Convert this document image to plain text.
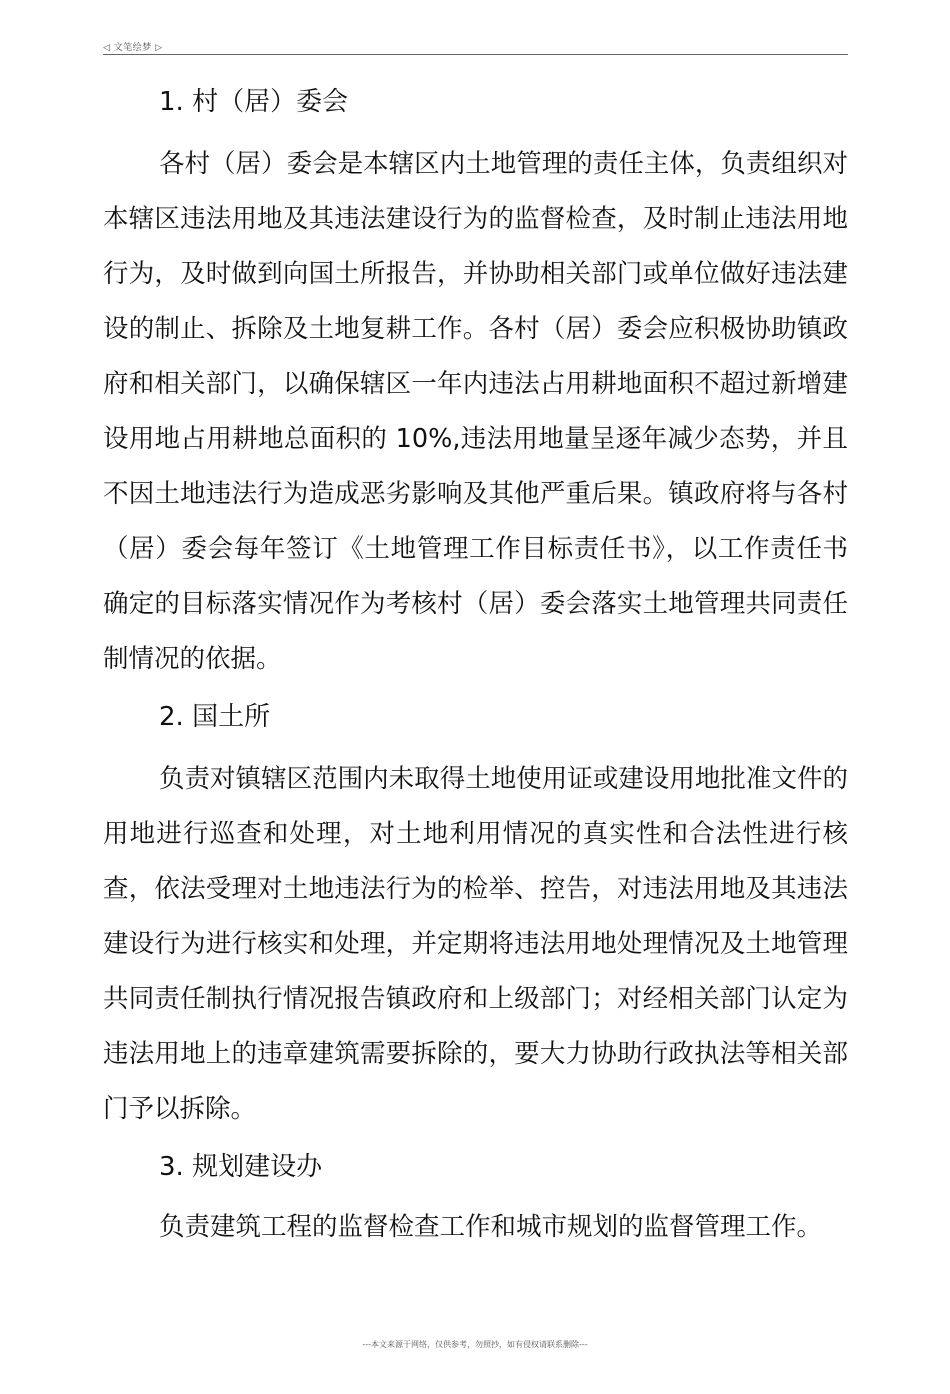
◁ 文笔绘梦 ▷

1. 村（居）委会

各村（居）委会是本辖区内土地管理的责任主体，负责组织对本辖区违法用地及其违法建设行为的监督检查，及时制止违法用地行为，及时做到向国土所报告，并协助相关部门或单位做好违法建设的制止、拆除及土地复耕工作。各村（居）委会应积极协助镇政府和相关部门，以确保辖区一年内违法占用耕地面积不超过新增建设用地占用耕地总面积的 10%,违法用地量呈逐年减少态势，并且不因土地违法行为造成恶劣影响及其他严重后果。镇政府将与各村（居）委会每年签订《土地管理工作目标责任书》，以工作责任书确定的目标落实情况作为考核村（居）委会落实土地管理共同责任制情况的依据。

2. 国土所

负责对镇辖区范围内未取得土地使用证或建设用地批准文件的用地进行巡查和处理，对土地利用情况的真实性和合法性进行核查，依法受理对土地违法行为的检举、控告，对违法用地及其违法建设行为进行核实和处理，并定期将违法用地处理情况及土地管理共同责任制执行情况报告镇政府和上级部门；对经相关部门认定为违法用地上的违章建筑需要拆除的，要大力协助行政执法等相关部门予以拆除。

3. 规划建设办

负责建筑工程的监督检查工作和城市规划的监督管理工作。

---本文来源于网络，仅供参考，勿照抄，如有侵权请联系删除---
